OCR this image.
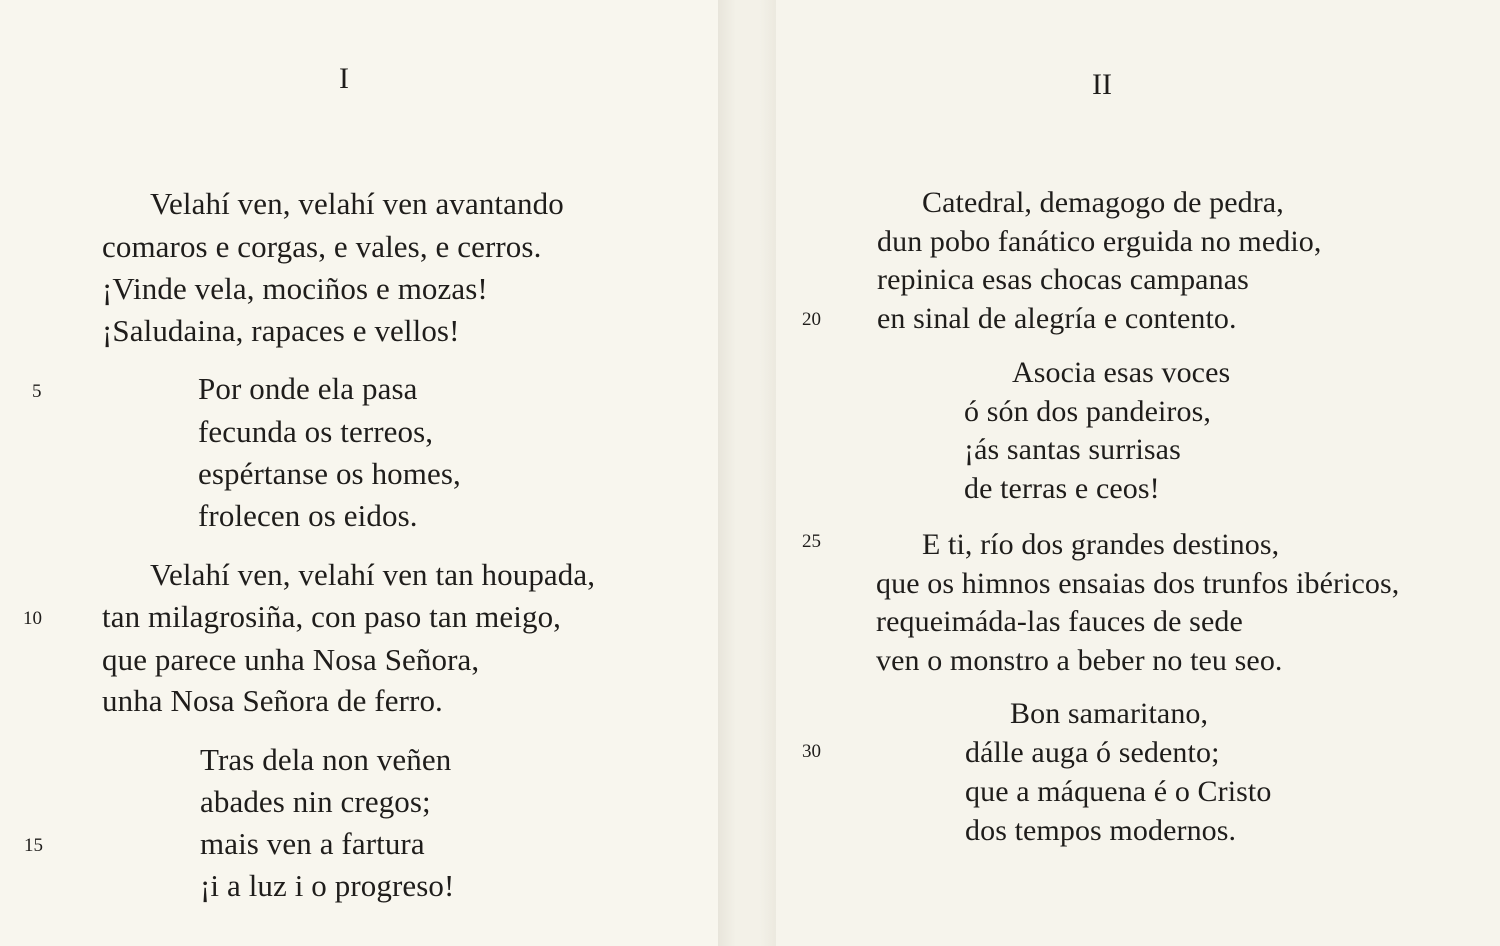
I
Velahí ven, velahí ven avantando
comaros e corgas, e vales, e cerros.
¡Vinde vela, mociños e mozas!
¡Saludaina, rapaces e vellos!
5	Por onde ela pasa
fecunda os terreos,
espértanse os homes,
frolecen os eidos.
Velahí ven, velahí ven tan houpada,
10 tan milagrosiña, con paso tan meigo,
que parece unha Nosa Señora,
unha Nosa Señora de ferro.
Tras dela non veñen
abades nin cregos;
15	mais ven a fartura
¡i a luz i o progreso!
II
Catedral, demagogo de pedra,
dun pobo fanático erguida no medio,
repinica esas chocas campanas
20 en sinal de alegría e contento.
Asocia esas voces
ó són dos pandeiros,
¡ás santas surrisas
de terras e ceos!
25	E ti, río dos grandes destinos,
que os himnos ensaias dos trunfos ibéricos,
requeimáda-las fauces de sede
ven o monstro a beber no teu seo.
Bon samaritano,
30	dálle auga ó sedento;
que a máquena é o Cristo
dos tempos modernos.
